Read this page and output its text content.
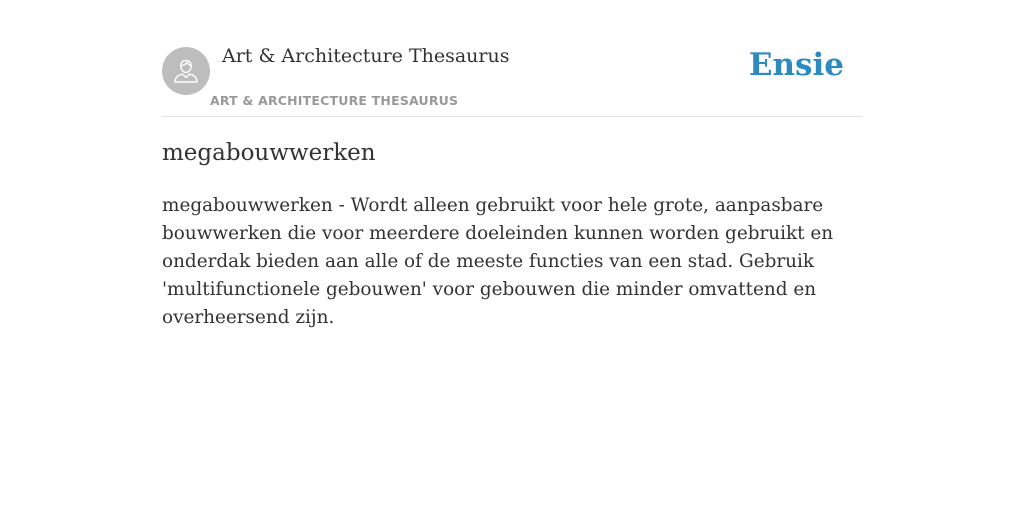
Art & Architecture Thesaurus
ART & ARCHITECTURE THESAURUS
Ensie
megabouwwerken

megabouwwerken - Wordt alleen gebruikt voor hele grote, aanpasbare bouwwerken die voor meerdere doeleinden kunnen worden gebruikt en onderdak bieden aan alle of de meeste functies van een stad. Gebruik 'multifunctionele gebouwen' voor gebouwen die minder omvattend en overheersend zijn.
